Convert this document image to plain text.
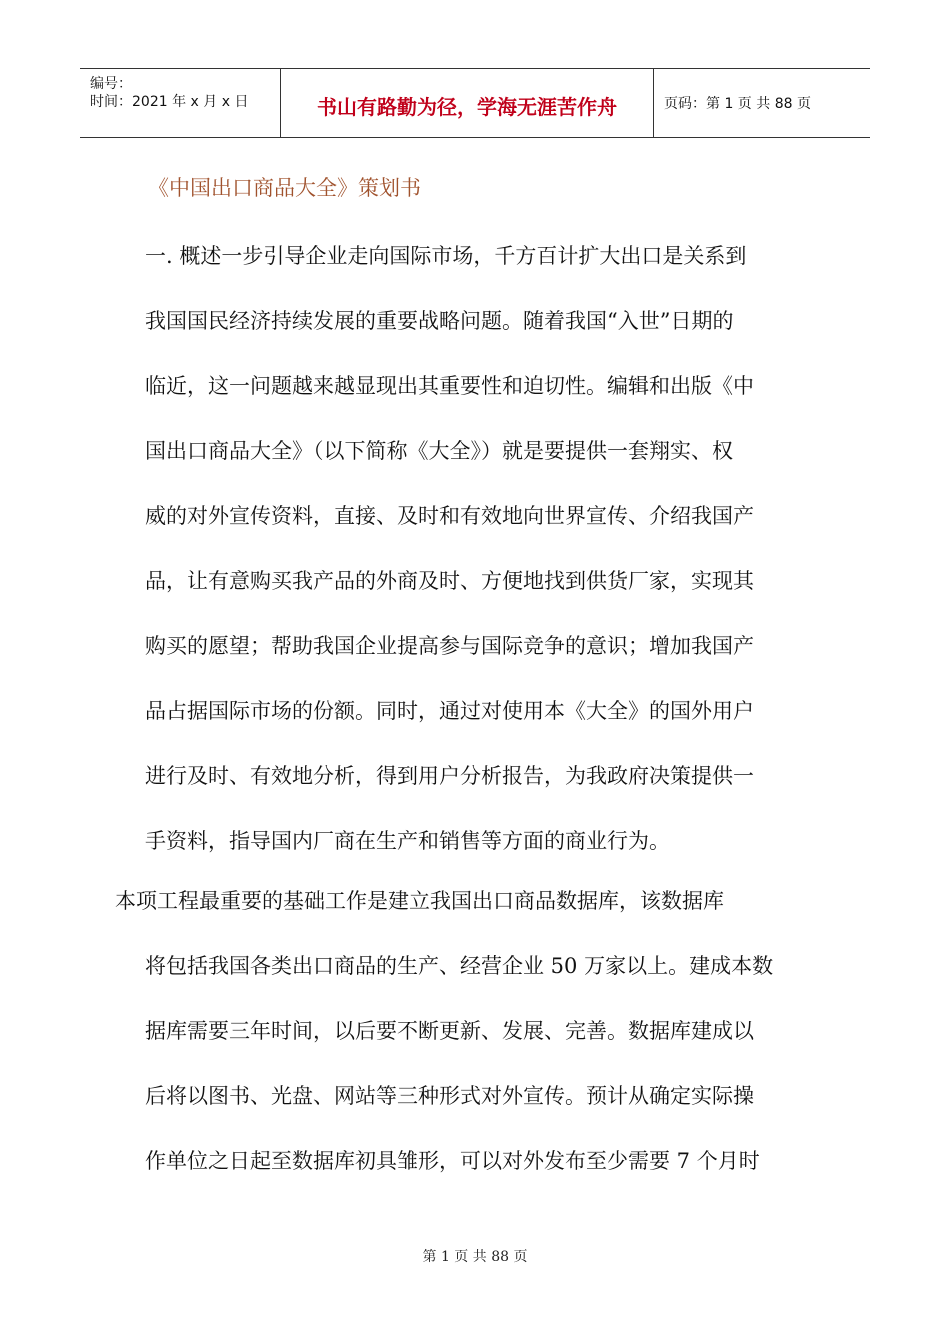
编号：
时间：2021 年 x 月 x 日	书山有路勤为径，学海无涯苦作舟	页码：第 1 页 共 88 页
《中国出口商品大全》策划书
一. 概述一步引导企业走向国际市场，千方百计扩大出口是关系到
我国国民经济持续发展的重要战略问题。随着我国“入世”日期的
临近，这一问题越来越显现出其重要性和迫切性。编辑和出版《中
国出口商品大全》（以下简称《大全》）就是要提供一套翔实、权
威的对外宣传资料，直接、及时和有效地向世界宣传、介绍我国产
品，让有意购买我产品的外商及时、方便地找到供货厂家，实现其
购买的愿望；帮助我国企业提高参与国际竞争的意识；增加我国产
品占据国际市场的份额。同时，通过对使用本《大全》的国外用户
进行及时、有效地分析，得到用户分析报告，为我政府决策提供一
手资料，指导国内厂商在生产和销售等方面的商业行为。
本项工程最重要的基础工作是建立我国出口商品数据库，该数据库
将包括我国各类出口商品的生产、经营企业 50 万家以上。建成本数
据库需要三年时间，以后要不断更新、发展、完善。数据库建成以
后将以图书、光盘、网站等三种形式对外宣传。预计从确定实际操
作单位之日起至数据库初具雏形，可以对外发布至少需要 7 个月时
第 1 页 共 88 页
